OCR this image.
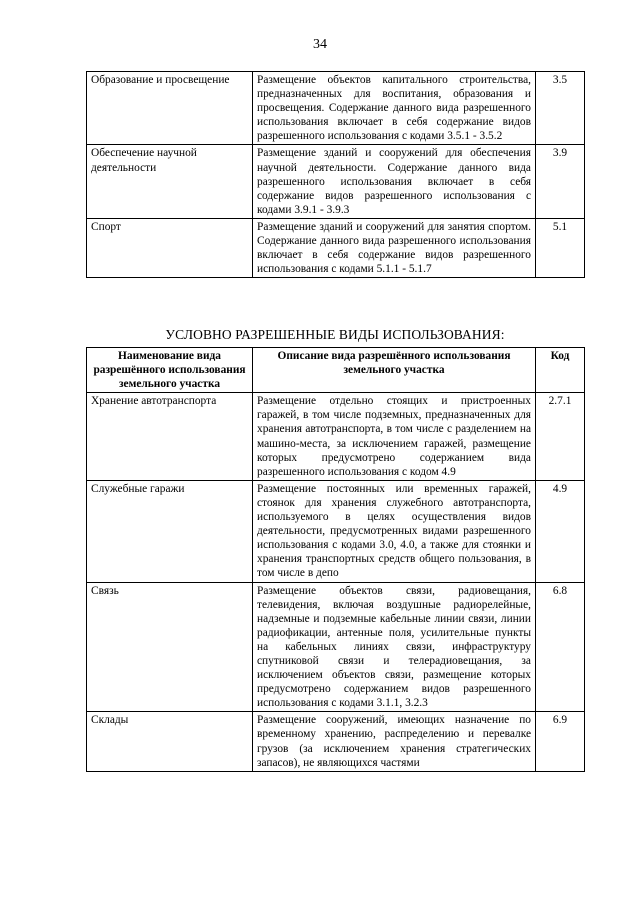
34
Образование и просвещение	Размещение объектов капитального строительства, предназначенных для воспитания, образования и просвещения. Содержание данного вида разрешенного использования включает в себя содержание видов разрешенного использования с кодами 3.5.1 - 3.5.2	3.5
Обеспечение научной деятельности	Размещение зданий и сооружений для обеспечения научной деятельности. Содержание данного вида разрешенного использования включает в себя содержание видов разрешенного использования с кодами 3.9.1 - 3.9.3	3.9
Спорт	Размещение зданий и сооружений для занятия спортом. Содержание данного вида разрешенного использования включает в себя содержание видов разрешенного использования с кодами 5.1.1 - 5.1.7	5.1
УСЛОВНО РАЗРЕШЕННЫЕ ВИДЫ ИСПОЛЬЗОВАНИЯ:
Наименование вида разрешённого использования земельного участка	Описание вида разрешённого использования земельного участка	Код
Хранение автотранспорта	Размещение отдельно стоящих и пристроенных гаражей, в том числе подземных, предназначенных для хранения автотранспорта, в том числе с разделением на машино-места, за исключением гаражей, размещение которых предусмотрено содержанием вида разрешенного использования с кодом 4.9	2.7.1
Служебные гаражи	Размещение постоянных или временных гаражей, стоянок для хранения служебного автотранспорта, используемого в целях осуществления видов деятельности, предусмотренных видами разрешенного использования с кодами 3.0, 4.0, а также для стоянки и хранения транспортных средств общего пользования, в том числе в депо	4.9
Связь	Размещение объектов связи, радиовещания, телевидения, включая воздушные радиорелейные, надземные и подземные кабельные линии связи, линии радиофикации, антенные поля, усилительные пункты на кабельных линиях связи, инфраструктуру спутниковой связи и телерадиовещания, за исключением объектов связи, размещение которых предусмотрено содержанием видов разрешенного использования с кодами 3.1.1, 3.2.3	6.8
Склады	Размещение сооружений, имеющих назначение по временному хранению, распределению и перевалке грузов (за исключением хранения стратегических запасов), не являющихся частями	6.9
